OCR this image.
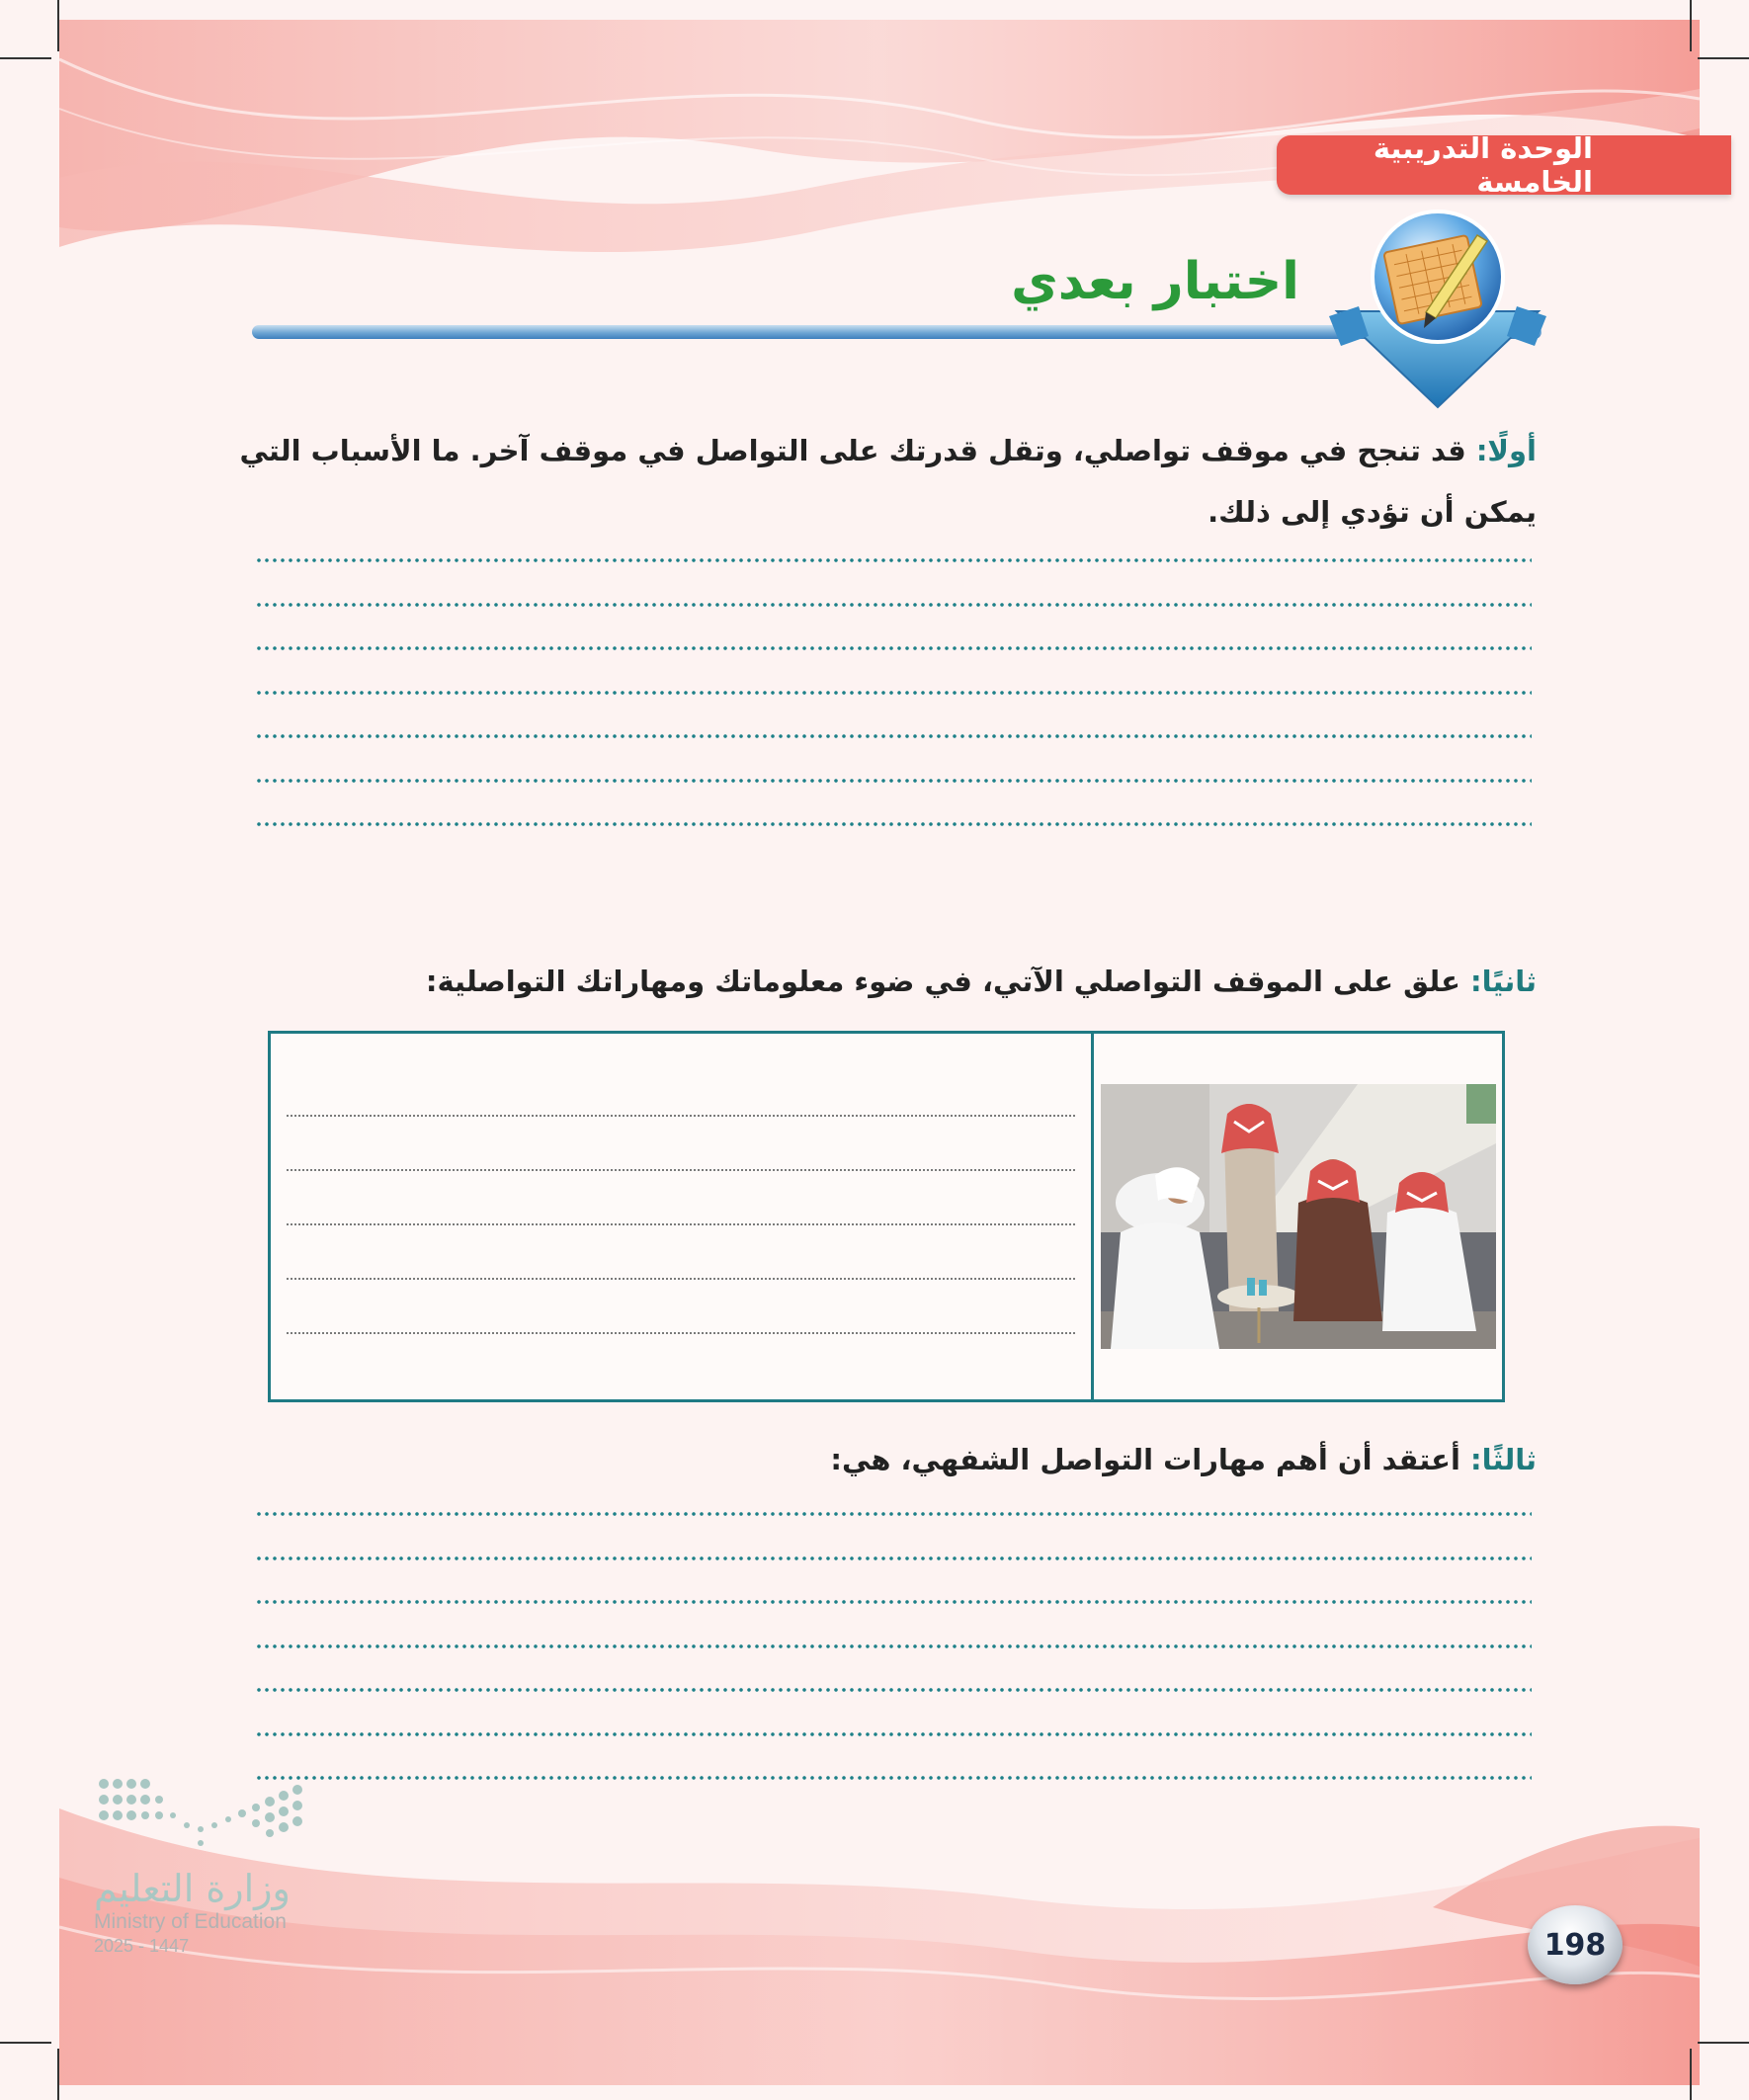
الوحدة التدريبية الخامسة
اختبار بعدي
أولًا: قد تنجح في موقف تواصلي، وتقل قدرتك على التواصل في موقف آخر. ما الأسباب التي يمكن أن تؤدي إلى ذلك.
ثانيًا: علق على الموقف التواصلي الآتي، في ضوء معلوماتك ومهاراتك التواصلية:
ثالثًا: أعتقد أن أهم مهارات التواصل الشفهي، هي:
وزارة التعليم
Ministry of Education
2025 - 1447	198
